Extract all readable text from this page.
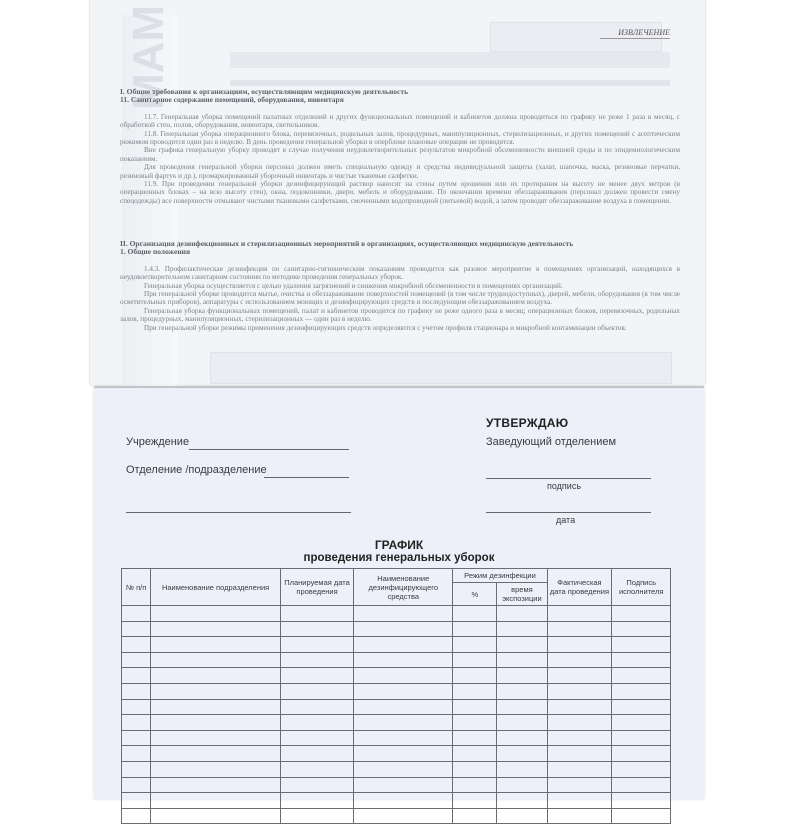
МАМ	ИЗВЛЕЧЕНИЕ

I. Общие требования к организациям, осуществляющим медицинскую деятельность

11. Санитарное содержание помещений, оборудования, инвентаря

11.7. Генеральная уборка помещений палатных отделений и других функциональных помещений и кабинетов должна проводиться по графику не реже 1 раза в месяц, с обработкой стен, полов, оборудования, инвентаря, светильников.

11.8. Генеральная уборка операционного блока, перевязочных, родильных залов, процедурных, манипуляционных, стерилизационных, и других помещений с асептическим режимом проводится один раз в неделю. В день проведения генеральной уборки в оперблоке плановые операции не проводятся.

Вне графика генеральную уборку проводят в случае получения неудовлетворительных результатов микробной обсемененности внешней среды и по эпидемиологическим показаниям.

Для проведения генеральной уборки персонал должен иметь специальную одежду и средства индивидуальной защиты (халат, шапочка, маска, резиновые перчатки, резиновый фартук и др.), промаркированный уборочный инвентарь и чистые тканевые салфетки.

11.9. При проведении генеральной уборки дезинфицирующий раствор наносят на стены путем орошения или их протирания на высоту не менее двух метров (в операционных блоках – на всю высоту стен), окна, подоконники, двери, мебель и оборудование. По окончании времени обеззараживания (персонал должен провести смену спецодежды) все поверхности отмывают чистыми тканевыми салфетками, смоченными водопроводной (питьевой) водой, а затем проводят обеззараживание воздуха в помещении.

II. Организация дезинфекционных и стерилизационных мероприятий в организациях, осуществляющих медицинскую деятельность

1. Общие положения

1.4.3. Профилактическая дезинфекция по санитарно-гигиеническим показаниям проводится как разовое мероприятие в помещениях организаций, находящихся в неудовлетворительном санитарном состоянии по методике проведения генеральных уборок.

Генеральная уборка осуществляется с целью удаления загрязнений и снижения микробной обсемененности в помещениях организаций.

При генеральной уборке проводится мытье, очистка и обеззараживание поверхностей помещений (в том числе труднодоступных), дверей, мебели, оборудования (в том числе осветительных приборов), аппаратуры с использованием моющих и дезинфицирующих средств и последующим обеззараживанием воздуха.

Генеральная уборка функциональных помещений, палат и кабинетов проводится по графику не реже одного раза в месяц; операционных блоков, перевязочных, родильных залов, процедурных, манипуляционных, стерилизационных — один раз в неделю.

При генеральной уборке режимы применения дезинфицирующих средств определяются с учетом профиля стационара и микробной контаминации объектов.

Учреждение
Отделение /подразделение
УТВЕРЖДАЮ
Заведующий отделением
подпись
дата
ГРАФИК
проведения генеральных уборок
№ п/п	Наименование подразделения	Планируемая дата проведения	Наименование дезинфицирующего средства	Режим дезинфекции		Фактическая дата проведения	Подпись исполнителя
				%	время экспозиции		
